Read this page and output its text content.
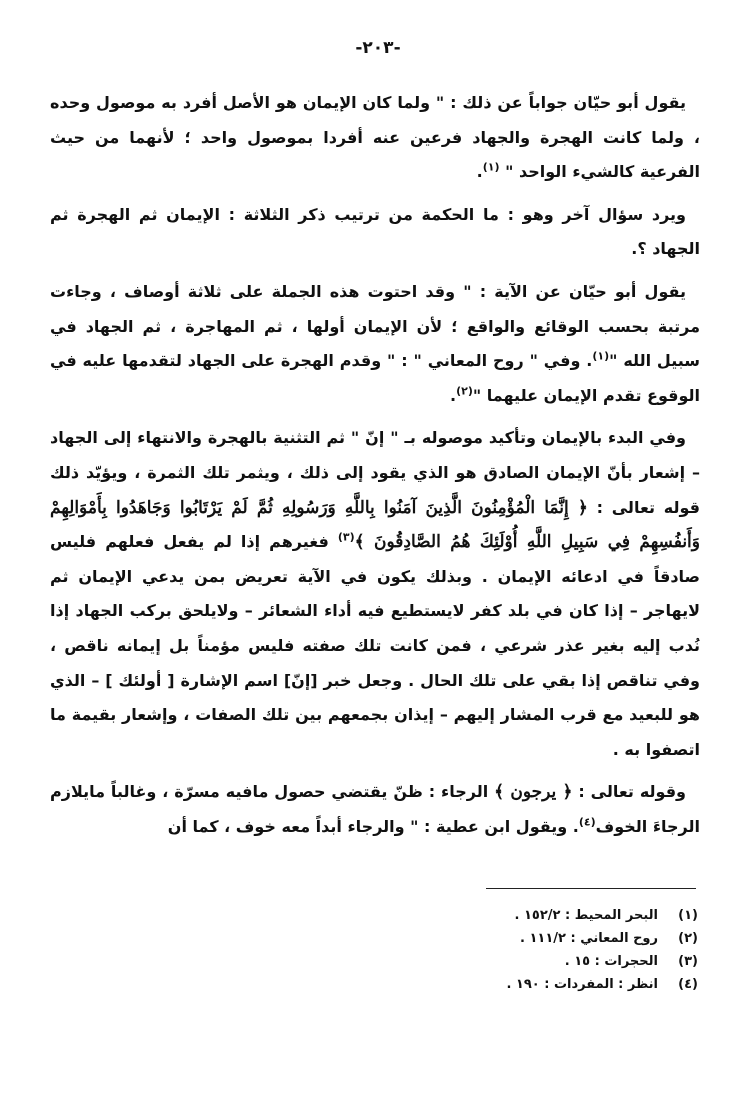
-٢٠٣-

يقول أبو حيّان جواباً عن ذلك : " ولما كان الإيمان هو الأصل أفرد به موصول وحده ، ولما كانت الهجرة والجهاد فرعين عنه أفردا بموصول واحد ؛ لأنهما من حيث الفرعية كالشيء الواحد " $^{(١)}$.

ويرد سؤال آخر وهو : ما الحكمة من ترتيب ذكر الثلاثة : الإيمان ثم الهجرة ثم الجهاد ؟.

يقول أبو حيّان عن الآية : " وقد احتوت هذه الجملة على ثلاثة أوصاف ، وجاءت مرتبة بحسب الوقائع والواقع ؛ لأن الإيمان أولها ، ثم المهاجرة ، ثم الجهاد في سبيل الله "$^{(١)}$. وفي " روح المعاني " : " وقدم الهجرة على الجهاد لتقدمها عليه في الوقوع تقدم الإيمان عليهما "$^{(٢)}$.

وفي البدء بالإيمان وتأكيد موصوله بـ " إنّ " ثم التثنية بالهجرة والانتهاء إلى الجهاد – إشعار بأنّ الإيمان الصادق هو الذي يقود إلى ذلك ، ويثمر تلك الثمرة ، ويؤيّد ذلك قوله تعالى : ﴿ إِنَّمَا الْمُؤْمِنُونَ الَّذِينَ آمَنُوا بِاللَّهِ وَرَسُولِهِ ثُمَّ لَمْ يَرْتَابُوا وَجَاهَدُوا بِأَمْوَالِهِمْ وَأَنفُسِهِمْ فِي سَبِيلِ اللَّهِ أُوْلَئِكَ هُمُ الصَّادِقُونَ ﴾$^{(٣)}$ فغيرهم إذا لم يفعل فعلهم فليس صادقاً في ادعائه الإيمان . وبذلك يكون في الآية تعريض بمن يدعي الإيمان ثم لايهاجر – إذا كان في بلد كفر لايستطيع فيه أداء الشعائر – ولايلحق بركب الجهاد إذا نُدب إليه بغير عذر شرعي ، فمن كانت تلك صفته فليس مؤمناً بل إيمانه ناقص ، وفي تناقص إذا بقي على تلك الحال . وجعل خبر [إنّ] اسم الإشارة [ أولئك ] – الذي هو للبعيد مع قرب المشار إليهم – إيذان بجمعهم بين تلك الصفات ، وإشعار بقيمة ما اتصفوا به .

وقوله تعالى : ﴿ يرجون ﴾ الرجاء : ظنّ يقتضي حصول مافيه مسرّة ، وغالباً مايلازم الرجاءَ الخوف$^{(٤)}$. ويقول ابن عطية : " والرجاء أبداً معه خوف ، كما أن

(١)
البحر المحيط : ١٥٢/٢ .
(٢)
روح المعاني : ١١١/٢ .
(٣)
الحجرات : ١٥ .
(٤)
انظر : المفردات : ١٩٠ .
